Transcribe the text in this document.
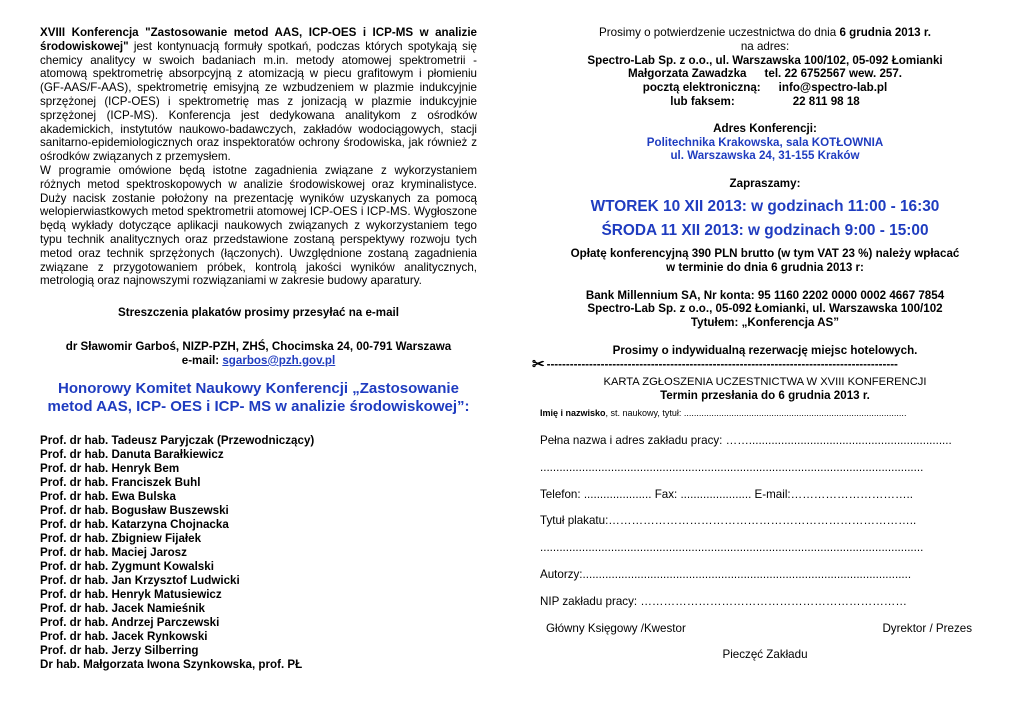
XVIII Konferencja "Zastosowanie metod AAS, ICP-OES i ICP-MS w analizie środowiskowej" jest kontynuacją formuły spotkań, podczas których spotykają się chemicy analitycy w swoich badaniach m.in. metody atomowej spektrometrii - atomową spektrometrię absorpcyjną z atomizacją w piecu grafitowym i płomieniu (GF-AAS/F-AAS), spektrometrię emisyjną ze wzbudzeniem w plazmie indukcyjnie sprzężonej (ICP-OES) i spektrometrię mas z jonizacją w plazmie indukcyjnie sprzężonej (ICP-MS). Konferencja jest dedykowana analitykom z ośrodków akademickich, instytutów naukowo-badawczych, zakładów wodociągowych, stacji sanitarno-epidemiologicznych oraz inspektoratów ochrony środowiska, jak również z ośrodków związanych z przemysłem.

W programie omówione będą istotne zagadnienia związane z wykorzystaniem różnych metod spektroskopowych w analizie środowiskowej oraz kryminalistyce. Duży nacisk zostanie położony na prezentację wyników uzyskanych za pomocą welopierwiastkowych metod spektrometrii atomowej ICP-OES i ICP-MS. Wygłoszone będą wykłady dotyczące aplikacji naukowych związanych z wykorzystaniem tego typu technik analitycznych oraz przedstawione zostaną perspektywy rozwoju tych metod oraz technik sprzężonych (łączonych). Uwzględnione zostaną zagadnienia związane z przygotowaniem próbek, kontrolą jakości wyników analitycznych, metrologią oraz najnowszymi rozwiązaniami w zakresie budowy aparatury.

Streszczenia plakatów prosimy przesyłać na e-mail

dr Sławomir Garboś, NIZP-PZH, ZHŚ, Chocimska 24, 00-791 Warszawa

e-mail: sgarbos@pzh.gov.pl

Honorowy Komitet Naukowy Konferencji „Zastosowanie metod AAS, ICP- OES i ICP- MS w analizie środowiskowej”:

Prof. dr hab. Tadeusz Paryjczak (Przewodniczący)

Prof. dr hab. Danuta Barałkiewicz

Prof. dr hab. Henryk Bem

Prof. dr hab. Franciszek Buhl

Prof. dr hab. Ewa Bulska

Prof. dr hab. Bogusław Buszewski

Prof. dr hab. Katarzyna Chojnacka

Prof. dr hab. Zbigniew Fijałek

Prof. dr hab. Maciej Jarosz

Prof. dr hab. Zygmunt Kowalski

Prof. dr hab. Jan Krzysztof Ludwicki

Prof. dr hab. Henryk Matusiewicz

Prof. dr hab. Jacek Namieśnik

Prof. dr hab. Andrzej Parczewski

Prof. dr hab. Jacek Rynkowski

Prof. dr hab. Jerzy Silberring

Dr hab. Małgorzata Iwona Szynkowska, prof. PŁ

Prosimy o potwierdzenie uczestnictwa do dnia 6 grudnia 2013 r.

na adres:

Spectro-Lab Sp. z o.o., ul. Warszawska 100/102, 05-092 Łomianki

Małgorzata Zawadzka tel. 22 6752567 wew. 257.
pocztą elektroniczną: info@spectro-lab.pl
lub faksem:	22 811 98 18

Adres Konferencji:

Politechnika Krakowska, sala KOTŁOWNIA

ul. Warszawska 24, 31-155 Kraków

Zapraszamy:

WTOREK 10 XII 2013: w godzinach 11:00 - 16:30

ŚRODA 11 XII 2013: w godzinach 9:00 - 15:00

Opłatę konferencyjną 390 PLN brutto (w tym VAT 23 %) należy wpłacać

w terminie do dnia 6 grudnia 2013 r:

Bank Millennium SA, Nr konta: 95 1160 2202 0000 0002 4667 7854

Spectro-Lab Sp. z o.o., 05-092 Łomianki, ul. Warszawska 100/102

Tytułem: „Konferencja AS”

Prosimy o indywidualną rezerwację miejsc hotelowych.

✂ -------------------------------------------------------------------------------------------

KARTA ZGŁOSZENIA UCZESTNICTWA W XVIII KONFERENCJI

Termin przesłania do 6 grudnia 2013 r.

Imię i nazwisko, st. naukowy, tytuł: .........................................................................................

Pełna nazwa i adres zakładu pracy: ……...............................................................

.......................................................................................................................

Telefon: ..................... Fax: ...................... E-mail:…………………………..

Tytuł plakatu:……………………………………………………………………..

.......................................................................................................................

Autorzy:......................................................................................................

NIP zakładu pracy: ……………………………………………………………

Główny Księgowy /Kwestor	Dyrektor / Prezes

Pieczęć Zakładu
